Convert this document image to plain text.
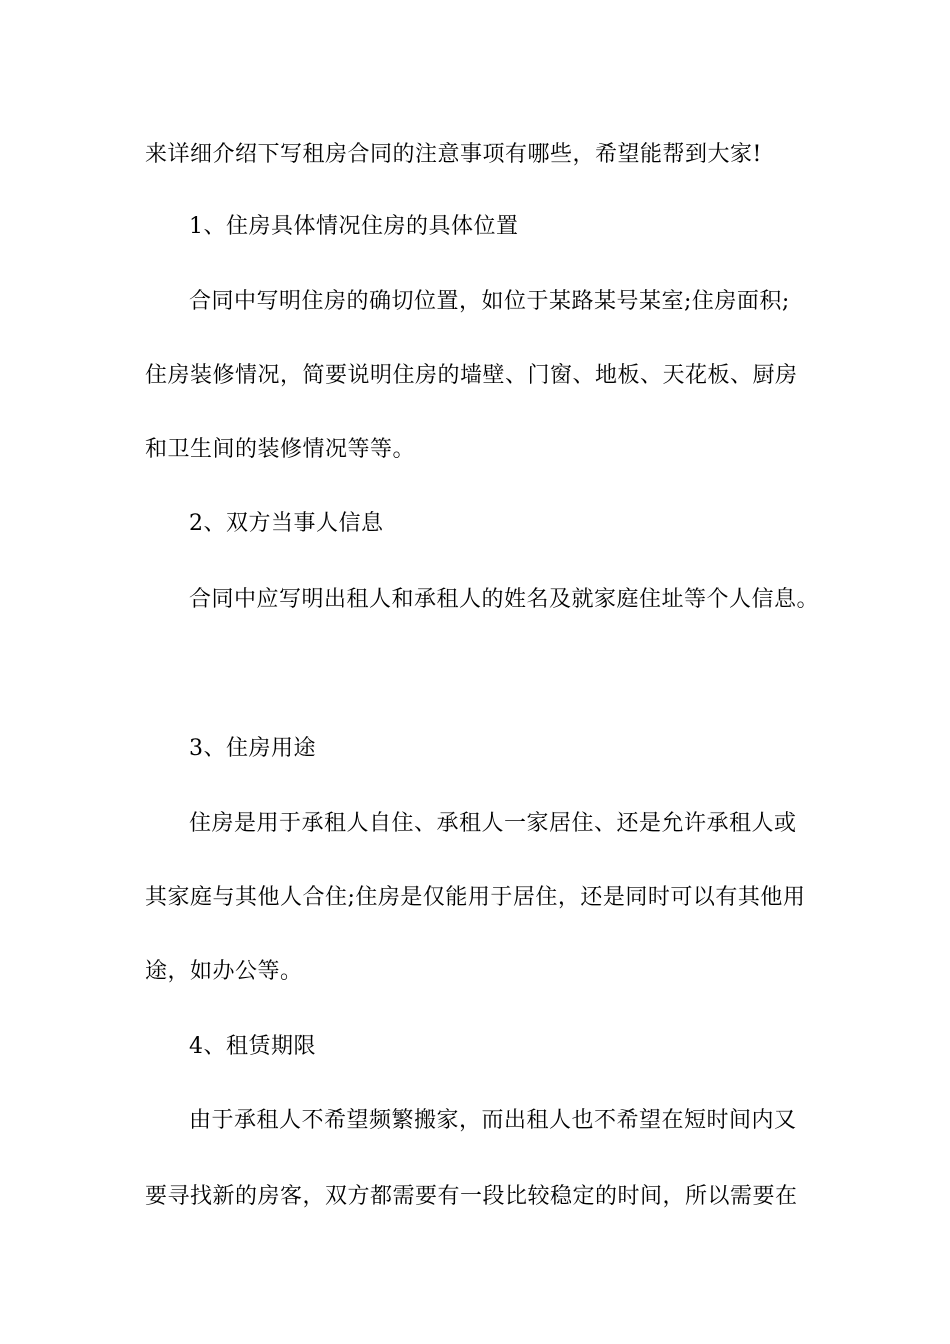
来详细介绍下写租房合同的注意事项有哪些，希望能帮到大家!
1、住房具体情况住房的具体位置
合同中写明住房的确切位置，如位于某路某号某室;住房面积;
住房装修情况，简要说明住房的墙壁、门窗、地板、天花板、厨房
和卫生间的装修情况等等。
2、双方当事人信息
合同中应写明出租人和承租人的姓名及就家庭住址等个人信息。
3、住房用途
住房是用于承租人自住、承租人一家居住、还是允许承租人或
其家庭与其他人合住;住房是仅能用于居住，还是同时可以有其他用
途，如办公等。
4、租赁期限
由于承租人不希望频繁搬家，而出租人也不希望在短时间内又
要寻找新的房客，双方都需要有一段比较稳定的时间，所以需要在
